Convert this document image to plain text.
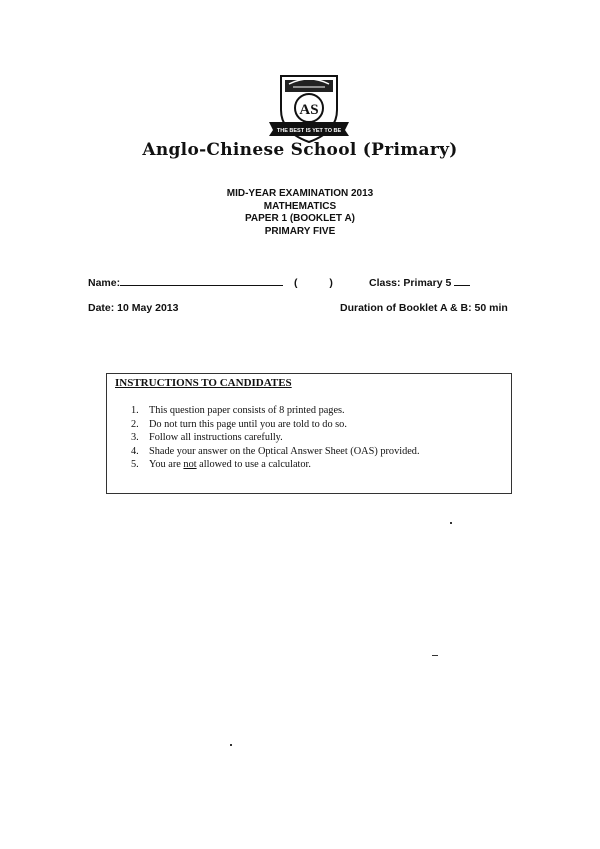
AS
THE BEST IS YET TO BE
Anglo-Chinese School (Primary)
MID-YEAR EXAMINATION 2013
MATHEMATICS
PAPER 1 (BOOKLET A)
PRIMARY FIVE
Name:	(	)	Class: Primary 5
Date: 10 May 2013	Duration of Booklet A & B: 50 min
INSTRUCTIONS TO CANDIDATES
1. This question paper consists of 8 printed pages.
2. Do not turn this page until you are told to do so.
3. Follow all instructions carefully.
4. Shade your answer on the Optical Answer Sheet (OAS) provided.
5. You are not allowed to use a calculator.
